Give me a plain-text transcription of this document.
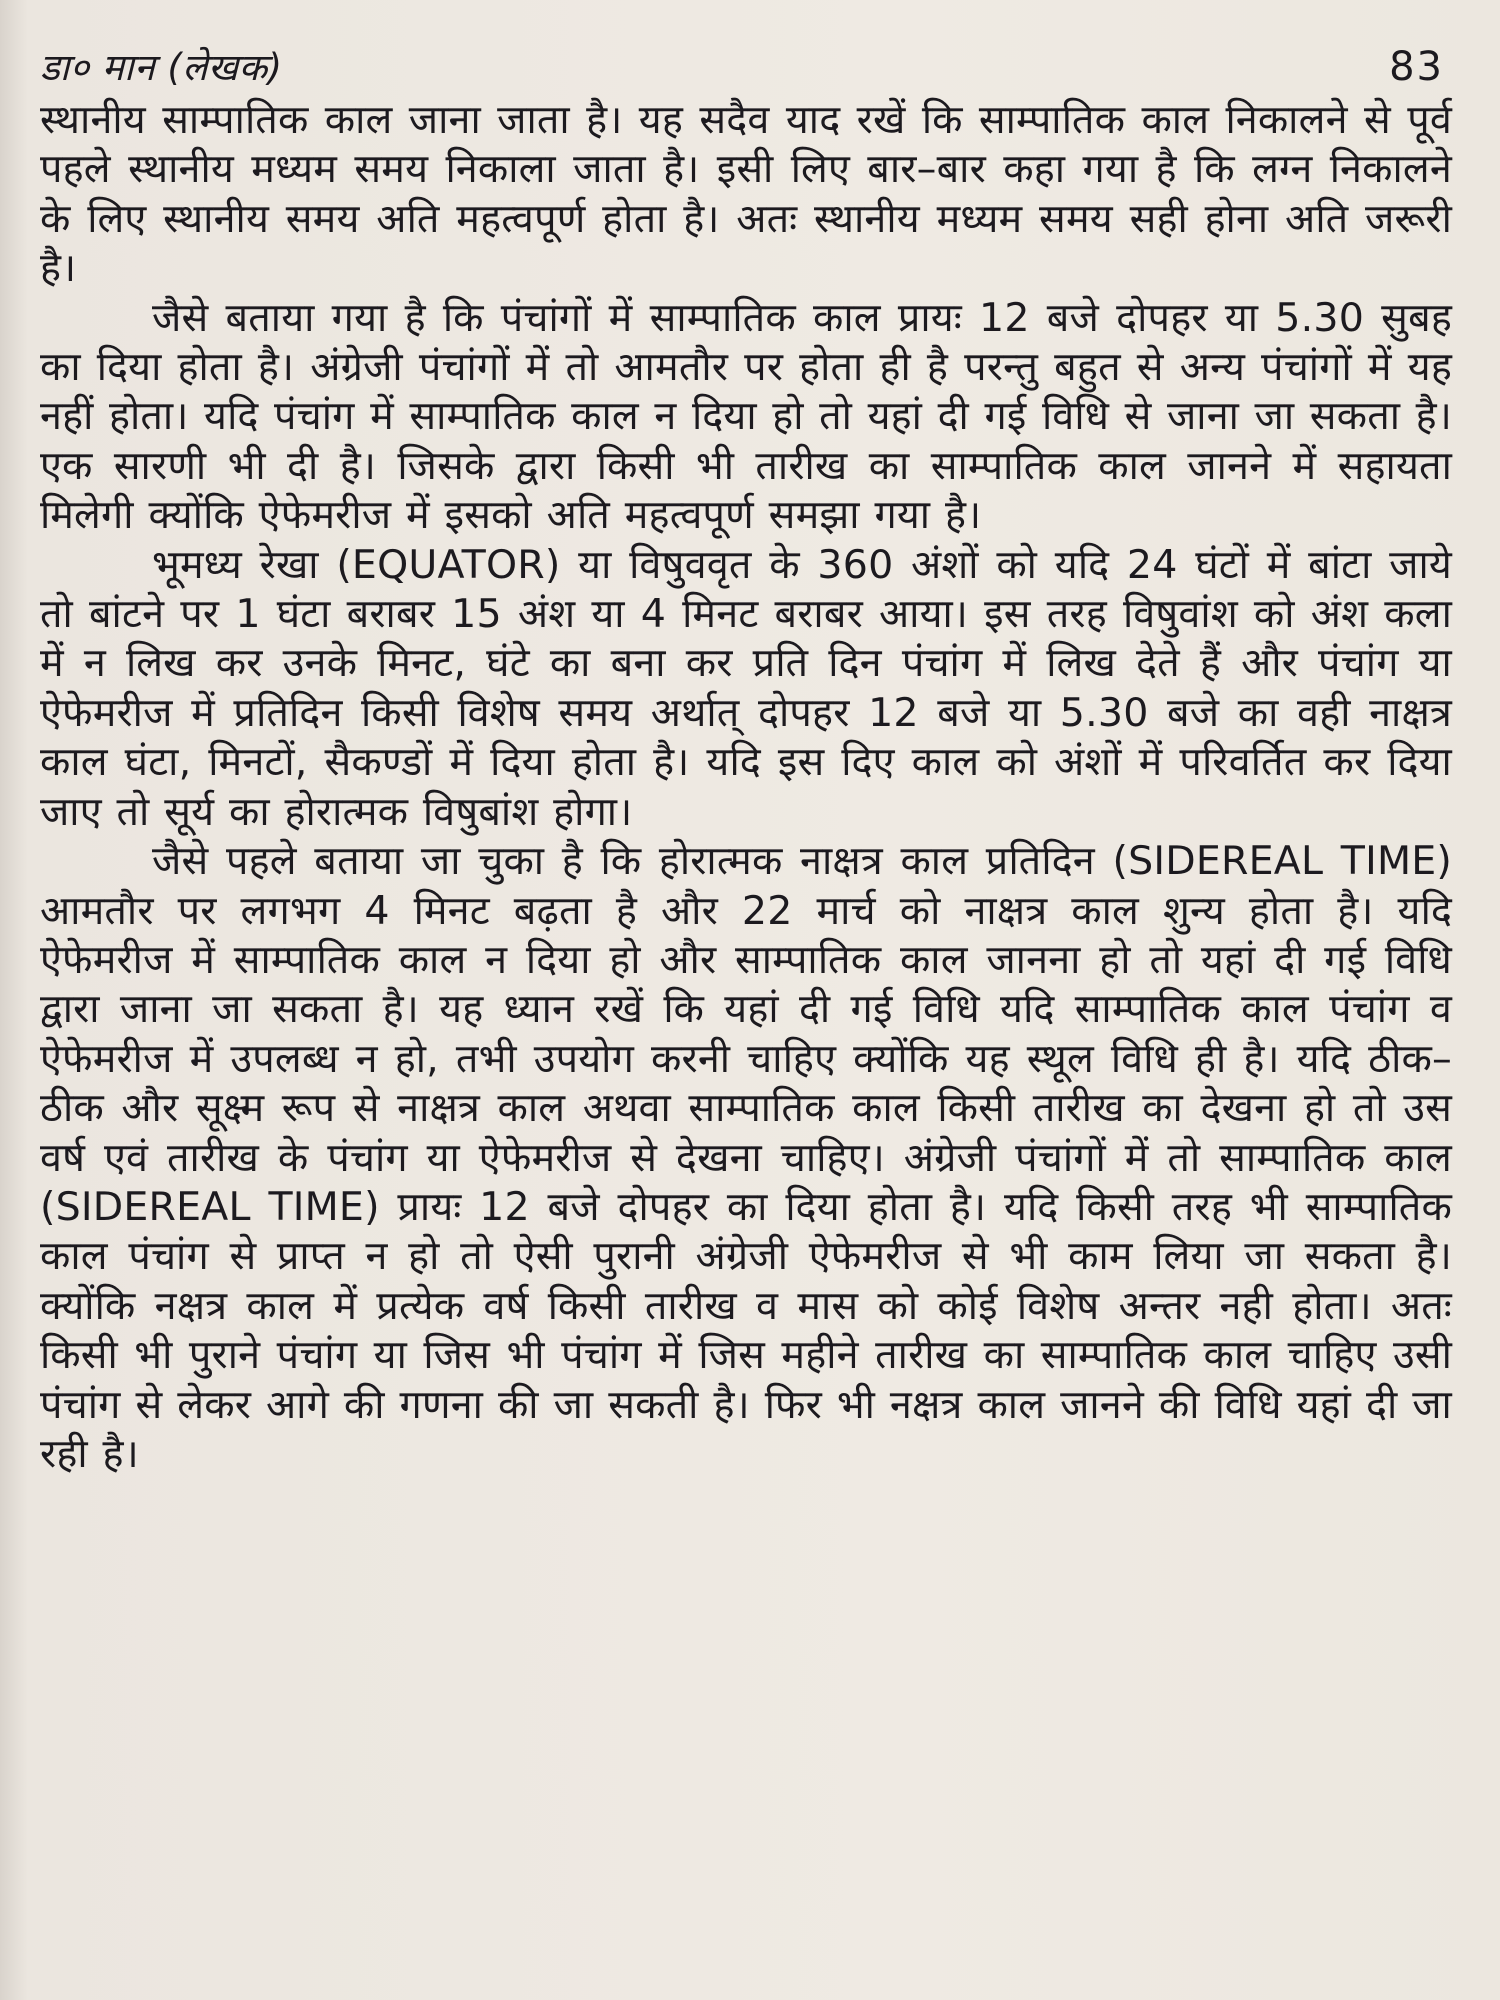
डा० मान (लेखक)	83

स्थानीय साम्पातिक काल जाना जाता है। यह सदैव याद रखें कि साम्पातिक काल निकालने से पूर्व पहले स्थानीय मध्यम समय निकाला जाता है। इसी लिए बार–बार कहा गया है कि लग्न निकालने के लिए स्थानीय समय अति महत्वपूर्ण होता है। अतः स्थानीय मध्यम समय सही होना अति जरूरी है।

जैसे बताया गया है कि पंचांगों में साम्पातिक काल प्रायः 12 बजे दोपहर या 5.30 सुबह का दिया होता है। अंग्रेजी पंचांगों में तो आमतौर पर होता ही है परन्तु बहुत से अन्य पंचांगों में यह नहीं होता। यदि पंचांग में साम्पातिक काल न दिया हो तो यहां दी गई विधि से जाना जा सकता है। एक सारणी भी दी है। जिसके द्वारा किसी भी तारीख का साम्पातिक काल जानने में सहायता मिलेगी क्योंकि ऐफेमरीज में इसको अति महत्वपूर्ण समझा गया है।

भूमध्य रेखा (EQUATOR) या विषुववृत के 360 अंशों को यदि 24 घंटों में बांटा जाये तो बांटने पर 1 घंटा बराबर 15 अंश या 4 मिनट बराबर आया। इस तरह विषुवांश को अंश कला में न लिख कर उनके मिनट, घंटे का बना कर प्रति दिन पंचांग में लिख देते हैं और पंचांग या ऐफेमरीज में प्रतिदिन किसी विशेष समय अर्थात् दोपहर 12 बजे या 5.30 बजे का वही नाक्षत्र काल घंटा, मिनटों, सैकण्डों में दिया होता है। यदि इस दिए काल को अंशों में परिवर्तित कर दिया जाए तो सूर्य का होरात्मक विषुबांश होगा।

जैसे पहले बताया जा चुका है कि होरात्मक नाक्षत्र काल प्रतिदिन (SIDEREAL TIME) आमतौर पर लगभग 4 मिनट बढ़ता है और 22 मार्च को नाक्षत्र काल शुन्य होता है। यदि ऐफेमरीज में साम्पातिक काल न दिया हो और साम्पातिक काल जानना हो तो यहां दी गई विधि द्वारा जाना जा सकता है। यह ध्यान रखें कि यहां दी गई विधि यदि साम्पातिक काल पंचांग व ऐफेमरीज में उपलब्ध न हो, तभी उपयोग करनी चाहिए क्योंकि यह स्थूल विधि ही है। यदि ठीक–ठीक और सूक्ष्म रूप से नाक्षत्र काल अथवा साम्पातिक काल किसी तारीख का देखना हो तो उस वर्ष एवं तारीख के पंचांग या ऐफेमरीज से देखना चाहिए। अंग्रेजी पंचांगों में तो साम्पातिक काल (SIDEREAL TIME) प्रायः 12 बजे दोपहर का दिया होता है। यदि किसी तरह भी साम्पातिक काल पंचांग से प्राप्त न हो तो ऐसी पुरानी अंग्रेजी ऐफेमरीज से भी काम लिया जा सकता है। क्योंकि नक्षत्र काल में प्रत्येक वर्ष किसी तारीख व मास को कोई विशेष अन्तर नही होता। अतः किसी भी पुराने पंचांग या जिस भी पंचांग में जिस महीने तारीख का साम्पातिक काल चाहिए उसी पंचांग से लेकर आगे की गणना की जा सकती है। फिर भी नक्षत्र काल जानने की विधि यहां दी जा रही है।
